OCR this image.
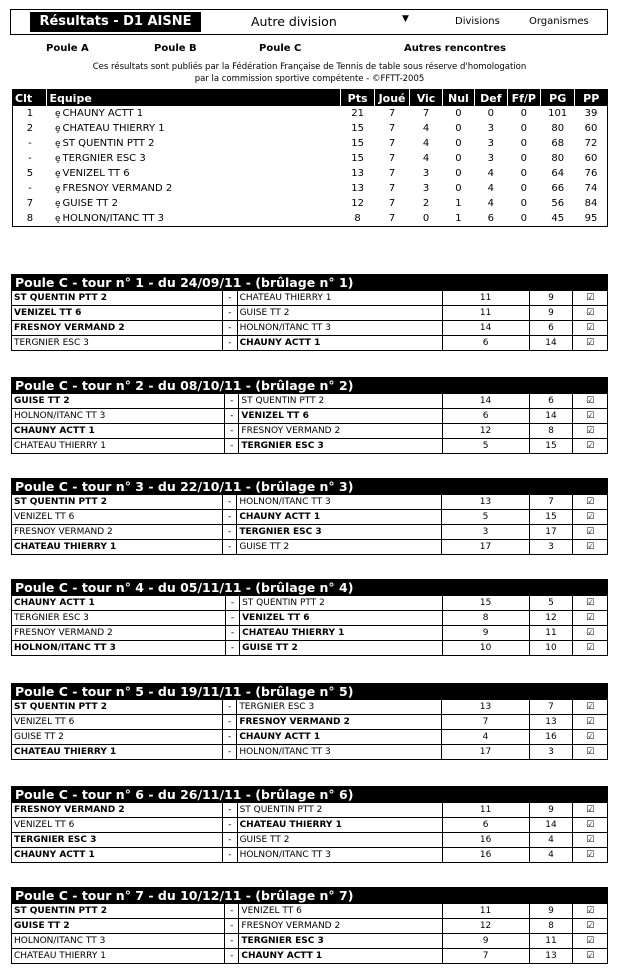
Résultats - D1 AISNE	Autre division	▼	Divisions	Organismes
Poule A	Poule B	Poule C	Autres rencontres
Ces résultats sont publiés par la Fédération Française de Tennis de table sous réserve d'homologation
par la commission sportive compétente - ©FFTT-2005
Clt	Equipe	Pts	Joué	Vic	Nul	Def	Ff/P	PG	PP
1	ȩ CHAUNY ACTT 1	21	7	7	0	0	0	101	39
2	ȩ CHATEAU THIERRY 1	15	7	4	0	3	0	80	60
-	ȩ ST QUENTIN PTT 2	15	7	4	0	3	0	68	72
-	ȩ TERGNIER ESC 3	15	7	4	0	3	0	80	60
5	ȩ VENIZEL TT 6	13	7	3	0	4	0	64	76
-	ȩ FRESNOY VERMAND 2	13	7	3	0	4	0	66	74
7	ȩ GUISE TT 2	12	7	2	1	4	0	56	84
8	ȩ HOLNON/ITANC TT 3	8	7	0	1	6	0	45	95
Poule C - tour n° 1 - du 24/09/11 - (brûlage n° 1)					
ST QUENTIN PTT 2	-	CHATEAU THIERRY 1	11	9	☑
VENIZEL TT 6	-	GUISE TT 2	11	9	☑
FRESNOY VERMAND 2	-	HOLNON/ITANC TT 3	14	6	☑
TERGNIER ESC 3	-	CHAUNY ACTT 1	6	14	☑
Poule C - tour n° 2 - du 08/10/11 - (brûlage n° 2)					
GUISE TT 2	-	ST QUENTIN PTT 2	14	6	☑
HOLNON/ITANC TT 3	-	VENIZEL TT 6	6	14	☑
CHAUNY ACTT 1	-	FRESNOY VERMAND 2	12	8	☑
CHATEAU THIERRY 1	-	TERGNIER ESC 3	5	15	☑
Poule C - tour n° 3 - du 22/10/11 - (brûlage n° 3)					
ST QUENTIN PTT 2	-	HOLNON/ITANC TT 3	13	7	☑
VENIZEL TT 6	-	CHAUNY ACTT 1	5	15	☑
FRESNOY VERMAND 2	-	TERGNIER ESC 3	3	17	☑
CHATEAU THIERRY 1	-	GUISE TT 2	17	3	☑
Poule C - tour n° 4 - du 05/11/11 - (brûlage n° 4)					
CHAUNY ACTT 1	-	ST QUENTIN PTT 2	15	5	☑
TERGNIER ESC 3	-	VENIZEL TT 6	8	12	☑
FRESNOY VERMAND 2	-	CHATEAU THIERRY 1	9	11	☑
HOLNON/ITANC TT 3	-	GUISE TT 2	10	10	☑
Poule C - tour n° 5 - du 19/11/11 - (brûlage n° 5)					
ST QUENTIN PTT 2	-	TERGNIER ESC 3	13	7	☑
VENIZEL TT 6	-	FRESNOY VERMAND 2	7	13	☑
GUISE TT 2	-	CHAUNY ACTT 1	4	16	☑
CHATEAU THIERRY 1	-	HOLNON/ITANC TT 3	17	3	☑
Poule C - tour n° 6 - du 26/11/11 - (brûlage n° 6)					
FRESNOY VERMAND 2	-	ST QUENTIN PTT 2	11	9	☑
VENIZEL TT 6	-	CHATEAU THIERRY 1	6	14	☑
TERGNIER ESC 3	-	GUISE TT 2	16	4	☑
CHAUNY ACTT 1	-	HOLNON/ITANC TT 3	16	4	☑
Poule C - tour n° 7 - du 10/12/11 - (brûlage n° 7)					
ST QUENTIN PTT 2	-	VENIZEL TT 6	11	9	☑
GUISE TT 2	-	FRESNOY VERMAND 2	12	8	☑
HOLNON/ITANC TT 3	-	TERGNIER ESC 3	9	11	☑
CHATEAU THIERRY 1	-	CHAUNY ACTT 1	7	13	☑
